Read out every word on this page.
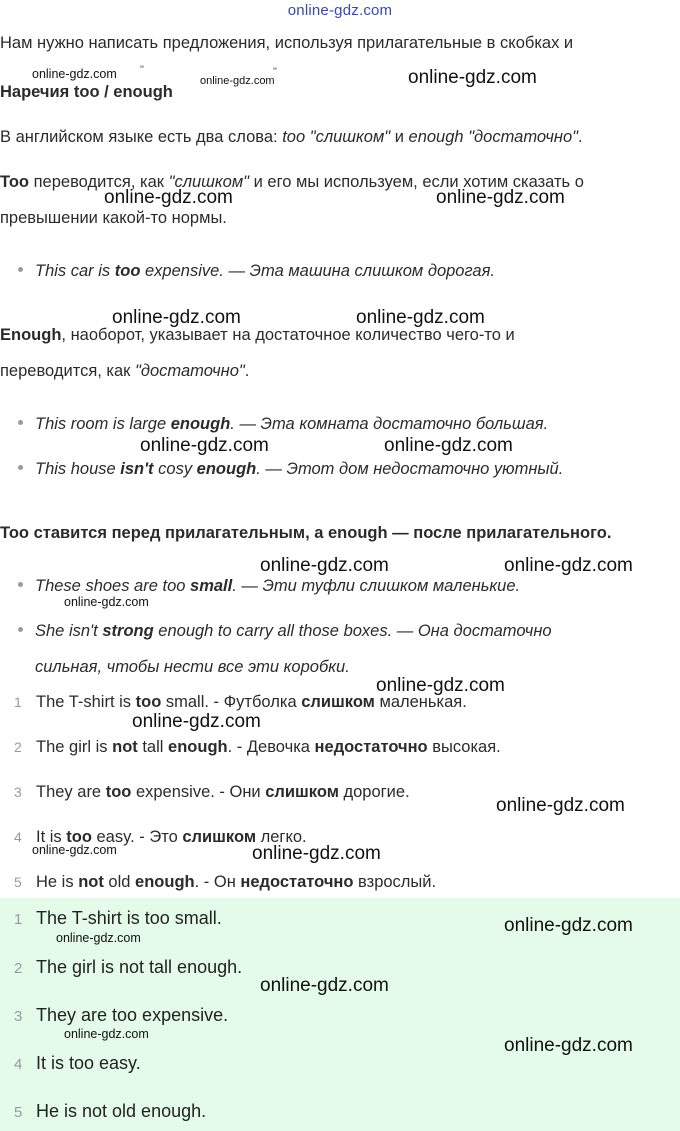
online-gdz.com
Нам нужно написать предложения, используя прилагательные в скобках и
Наречия too / enough
В английском языке есть два слова: too "слишком" и enough "достаточно".
Too переводится, как "слишком" и его мы используем, если хотим сказать о
превышении какой-то нормы.
This car is too expensive. — Эта машина слишком дорогая.
Enough, наоборот, указывает на достаточное количество чего-то и
переводится, как "достаточно".
This room is large enough. — Эта комната достаточно большая.
This house isn't cosy enough. — Этот дом недостаточно уютный.
Too ставится перед прилагательным, а enough — после прилагательного.
These shoes are too small. — Эти туфли слишком маленькие.
She isn't strong enough to carry all those boxes. — Она достаточно
сильная, чтобы нести все эти коробки.
1 The T-shirt is too small. - Футболка слишком маленькая.
2 The girl is not tall enough. - Девочка недостаточно высокая.
3 They are too expensive. - Они слишком дорогие.
4 It is too easy. - Это слишком легко.
5 He is not old enough. - Он недостаточно взрослый.
1 The T-shirt is too small.
2 The girl is not tall enough.
3 They are too expensive.
4 It is too easy.
5 He is not old enough.
online-gdz.com "
online-gdz.com
"	online-gdz.com
online-gdz.com	online-gdz.com
online-gdz.com	online-gdz.com
online-gdz.com	online-gdz.com
online-gdz.com	online-gdz.com
online-gdz.com
online-gdz.com
online-gdz.com
online-gdz.com
online-gdz.com	online-gdz.com
online-gdz.com
online-gdz.com
online-gdz.com
online-gdz.com
online-gdz.com
